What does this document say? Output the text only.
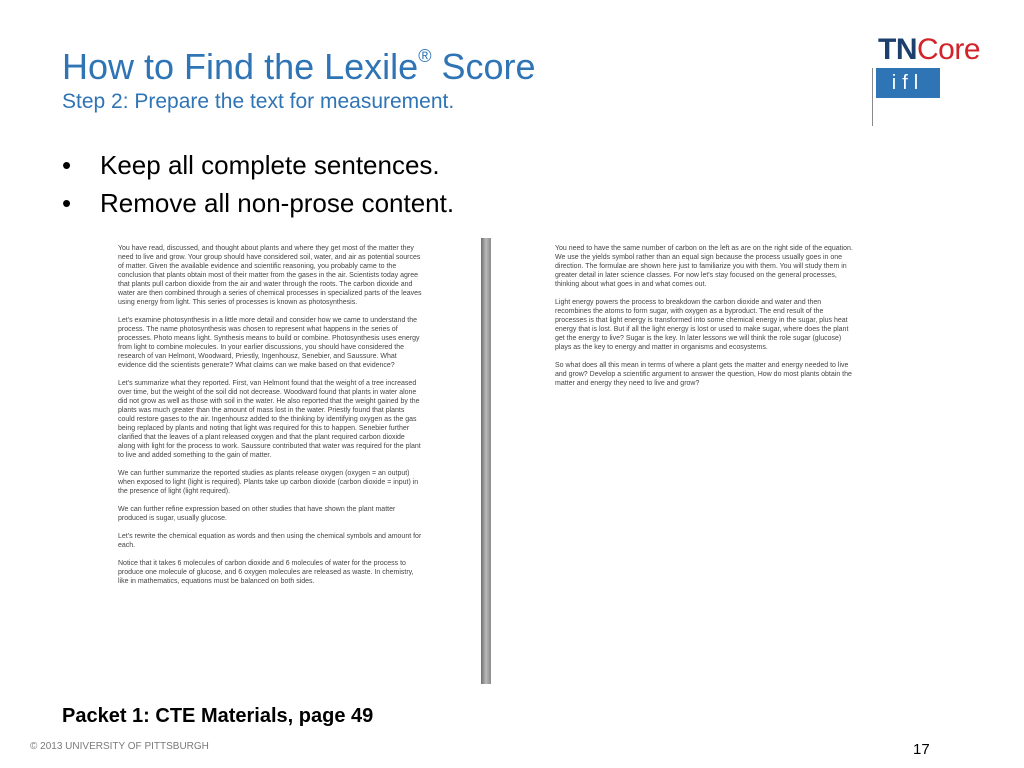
How to Find the Lexile® Score
Step 2: Prepare the text for measurement.
TNCore
ifl
• Keep all complete sentences.
• Remove all non-prose content.

You have read, discussed, and thought about plants and where they get most of the matter they need to live and grow. Your group should have considered soil, water, and air as potential sources of matter. Given the available evidence and scientific reasoning, you probably came to the conclusion that plants obtain most of their matter from the gases in the air. Scientists today agree that plants pull carbon dioxide from the air and water through the roots. The carbon dioxide and water are then combined through a series of chemical processes in specialized parts of the leaves using energy from light. This series of processes is known as photosynthesis.

Let's examine photosynthesis in a little more detail and consider how we came to understand the process. The name photosynthesis was chosen to represent what happens in the series of processes. Photo means light. Synthesis means to build or combine. Photosynthesis uses energy from light to combine molecules. In your earlier discussions, you should have considered the research of van Helmont, Woodward, Priestly, Ingenhousz, Senebier, and Saussure. What evidence did the scientists generate? What claims can we make based on that evidence?

Let's summarize what they reported. First, van Helmont found that the weight of a tree increased over time, but the weight of the soil did not decrease. Woodward found that plants in water alone did not grow as well as those with soil in the water. He also reported that the weight gained by the plants was much greater than the amount of mass lost in the water. Priestly found that plants could restore gases to the air. Ingenhousz added to the thinking by identifying oxygen as the gas being replaced by plants and noting that light was required for this to happen. Senebier further clarified that the leaves of a plant released oxygen and that the plant required carbon dioxide along with light for the process to work. Saussure contributed that water was required for the plant to live and added something to the gain of matter.

We can further summarize the reported studies as plants release oxygen (oxygen = an output) when exposed to light (light is required). Plants take up carbon dioxide (carbon dioxide = input) in the presence of light (light required).

We can further refine expression based on other studies that have shown the plant matter produced is sugar, usually glucose.

Let's rewrite the chemical equation as words and then using the chemical symbols and amount for each.

Notice that it takes 6 molecules of carbon dioxide and 6 molecules of water for the process to produce one molecule of glucose, and 6 oxygen molecules are released as waste. In chemistry, like in mathematics, equations must be balanced on both sides.

You need to have the same number of carbon on the left as are on the right side of the equation. We use the yields symbol rather than an equal sign because the process usually goes in one direction. The formulae are shown here just to familiarize you with them. You will study them in greater detail in later science classes. For now let's stay focused on the general processes, thinking about what goes in and what comes out.

Light energy powers the process to breakdown the carbon dioxide and water and then recombines the atoms to form sugar, with oxygen as a byproduct. The end result of the processes is that light energy is transformed into some chemical energy in the sugar, plus heat energy that is lost. But if all the light energy is lost or used to make sugar, where does the plant get the energy to live? Sugar is the key. In later lessons we will think the role sugar (glucose) plays as the key to energy and matter in organisms and ecosystems.

So what does all this mean in terms of where a plant gets the matter and energy needed to live and grow? Develop a scientific argument to answer the question, How do most plants obtain the matter and energy they need to live and grow?

Packet 1: CTE Materials, page 49
© 2013 UNIVERSITY OF PITTSBURGH	17
